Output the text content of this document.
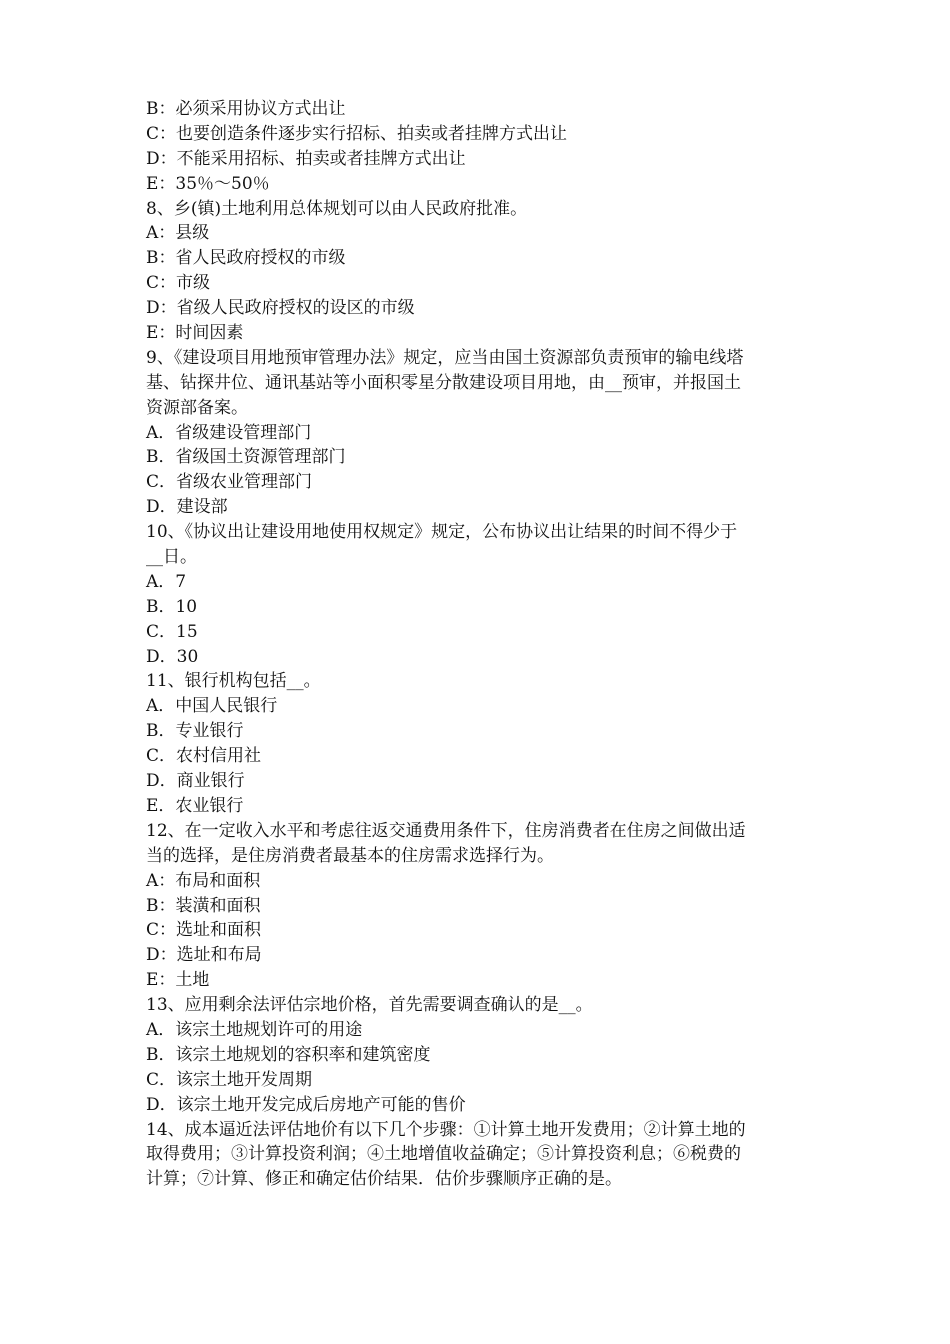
B：必须采用协议方式出让
C：也要创造条件逐步实行招标、拍卖或者挂牌方式出让
D：不能采用招标、拍卖或者挂牌方式出让
E：35％～50％
8、乡(镇)土地利用总体规划可以由人民政府批准。
A：县级
B：省人民政府授权的市级
C：市级
D：省级人民政府授权的设区的市级
E：时间因素
9、《建设项目用地预审管理办法》规定，应当由国土资源部负责预审的输电线塔
基、钻探井位、通讯基站等小面积零星分散建设项目用地，由__预审，并报国土
资源部备案。
A．省级建设管理部门
B．省级国土资源管理部门
C．省级农业管理部门
D．建设部
10、《协议出让建设用地使用权规定》规定，公布协议出让结果的时间不得少于
__日。
A．7
B．10
C．15
D．30
11、银行机构包括__。
A．中国人民银行
B．专业银行
C．农村信用社
D．商业银行
E．农业银行
12、在一定收入水平和考虑往返交通费用条件下，住房消费者在住房之间做出适
当的选择，是住房消费者最基本的住房需求选择行为。
A：布局和面积
B：装潢和面积
C：选址和面积
D：选址和布局
E：土地
13、应用剩余法评估宗地价格，首先需要调查确认的是__。
A．该宗土地规划许可的用途
B．该宗土地规划的容积率和建筑密度
C．该宗土地开发周期
D．该宗土地开发完成后房地产可能的售价
14、成本逼近法评估地价有以下几个步骤：①计算土地开发费用；②计算土地的
取得费用；③计算投资利润；④土地增值收益确定；⑤计算投资利息；⑥税费的
计算；⑦计算、修正和确定估价结果．估价步骤顺序正确的是。
